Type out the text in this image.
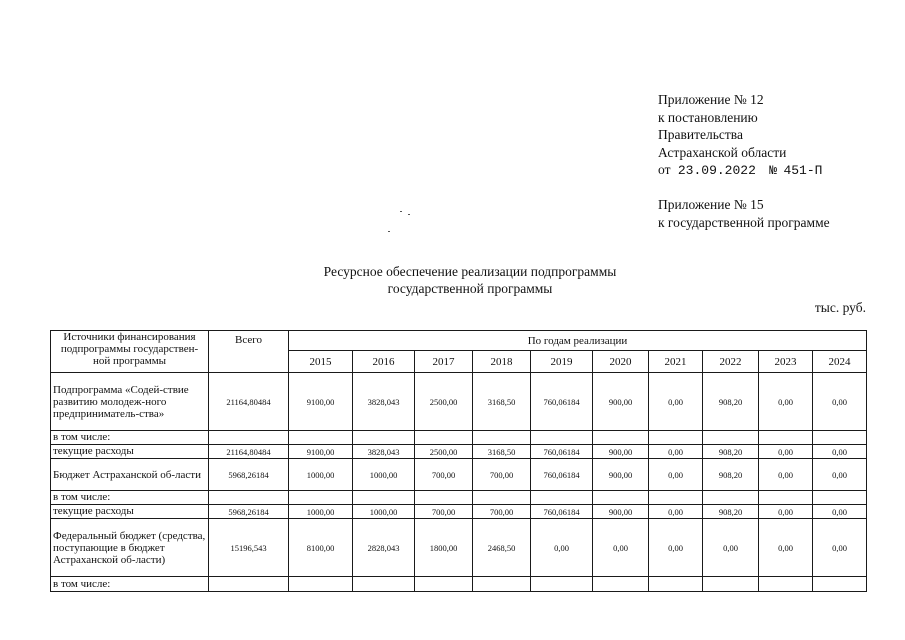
Приложение № 12
к постановлению
Правительства
Астраханской области
от 23.09.2022 № 451-П
Приложение № 15
к государственной программе
Ресурсное обеспечение реализации подпрограммы
государственной программы
тыс. руб.
Источники финансирования подпрограммы государствен-ной программы	Всего	По годам реализации									
		2015	2016	2017	2018	2019	2020	2021	2022	2023	2024
Подпрограмма «Содей-ствие развитию молодеж-ного предприниматель-ства»	21164,80484	9100,00	3828,043	2500,00	3168,50	760,06184	900,00	0,00	908,20	0,00	0,00
в том числе:											
текущие расходы	21164,80484	9100,00	3828,043	2500,00	3168,50	760,06184	900,00	0,00	908,20	0,00	0,00
Бюджет Астраханской об-ласти	5968,26184	1000,00	1000,00	700,00	700,00	760,06184	900,00	0,00	908,20	0,00	0,00
в том числе:											
текущие расходы	5968,26184	1000,00	1000,00	700,00	700,00	760,06184	900,00	0,00	908,20	0,00	0,00
Федеральный бюджет (средства, поступающие в бюджет Астраханской об-ласти)	15196,543	8100,00	2828,043	1800,00	2468,50	0,00	0,00	0,00	0,00	0,00	0,00
в том числе:											
